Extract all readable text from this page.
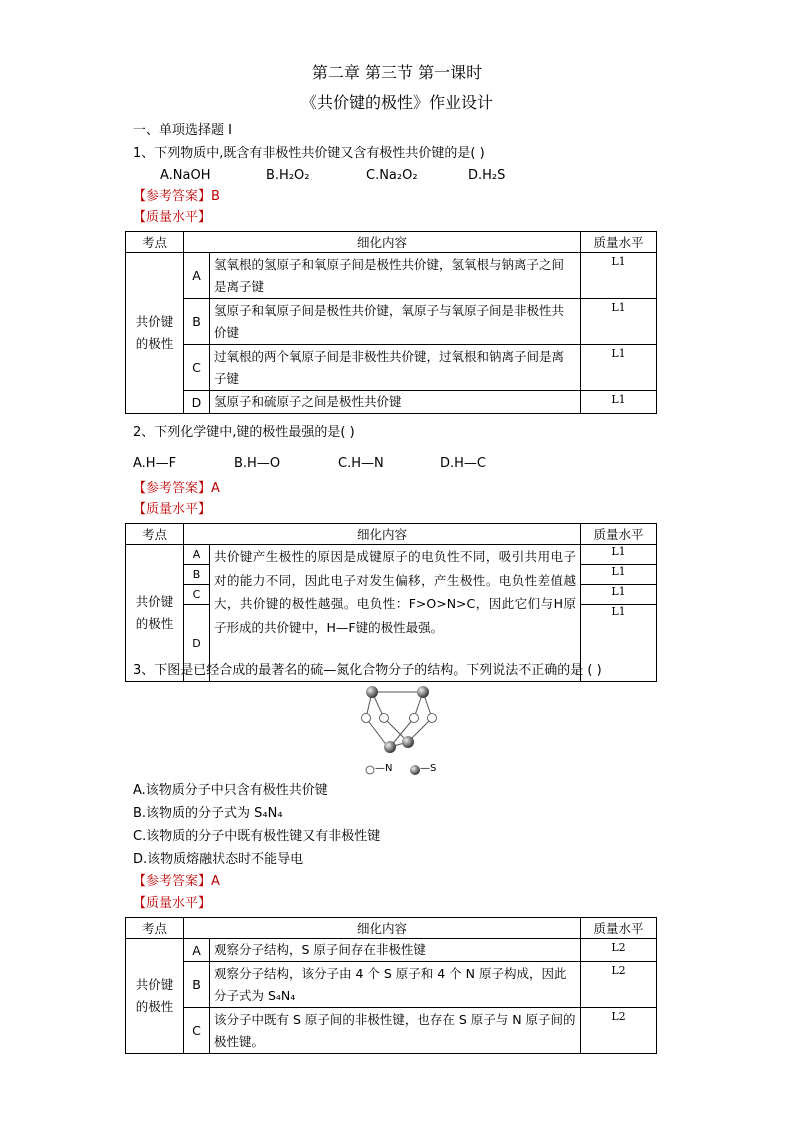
第二章 第三节 第一课时
《共价键的极性》作业设计
一、单项选择题 I
1、下列物质中,既含有非极性共价键又含有极性共价键的是( )
A.NaOH	B.H₂O₂	C.Na₂O₂	D.H₂S
【参考答案】B
【质量水平】
考点	细化内容		质量水平
共价键的极性	A	氢氧根的氢原子和氧原子间是极性共价键，氢氧根与钠离子之间是离子键	L1
	B	氢原子和氧原子间是极性共价键，氧原子与氧原子间是非极性共价键	L1
	C	过氧根的两个氧原子间是非极性共价键，过氧根和钠离子间是离子键	L1
	D	氢原子和硫原子之间是极性共价键	L1
2、下列化学键中,键的极性最强的是( )
A.H—F	B.H—O	C.H—N	D.H—C
【参考答案】A
【质量水平】
考点	细化内容		质量水平
共价键的极性	A	共价键产生极性的原因是成键原子的电负性不同，吸引共用电子对的能力不同，因此电子对发生偏移，产生极性。电负性差值越大，共价键的极性越强。电负性：F>O>N>C，因此它们与H原子形成的共价键中，H—F键的极性最强。	L1
	B		L1
	C		L1
	D		L1
3、下图是已经合成的最著名的硫—氮化合物分子的结构。下列说法不正确的是 ( )
—N	—S
A.该物质分子中只含有极性共价键
B.该物质的分子式为 S₄N₄
C.该物质的分子中既有极性键又有非极性键
D.该物质熔融状态时不能导电
【参考答案】A
【质量水平】
考点	细化内容		质量水平
共价键的极性	A	观察分子结构，S 原子间存在非极性键	L2
	B	观察分子结构，该分子由 4 个 S 原子和 4 个 N 原子构成，因此分子式为 S₄N₄	L2
	C	该分子中既有 S 原子间的非极性键，也存在 S 原子与 N 原子间的极性键。	L2
